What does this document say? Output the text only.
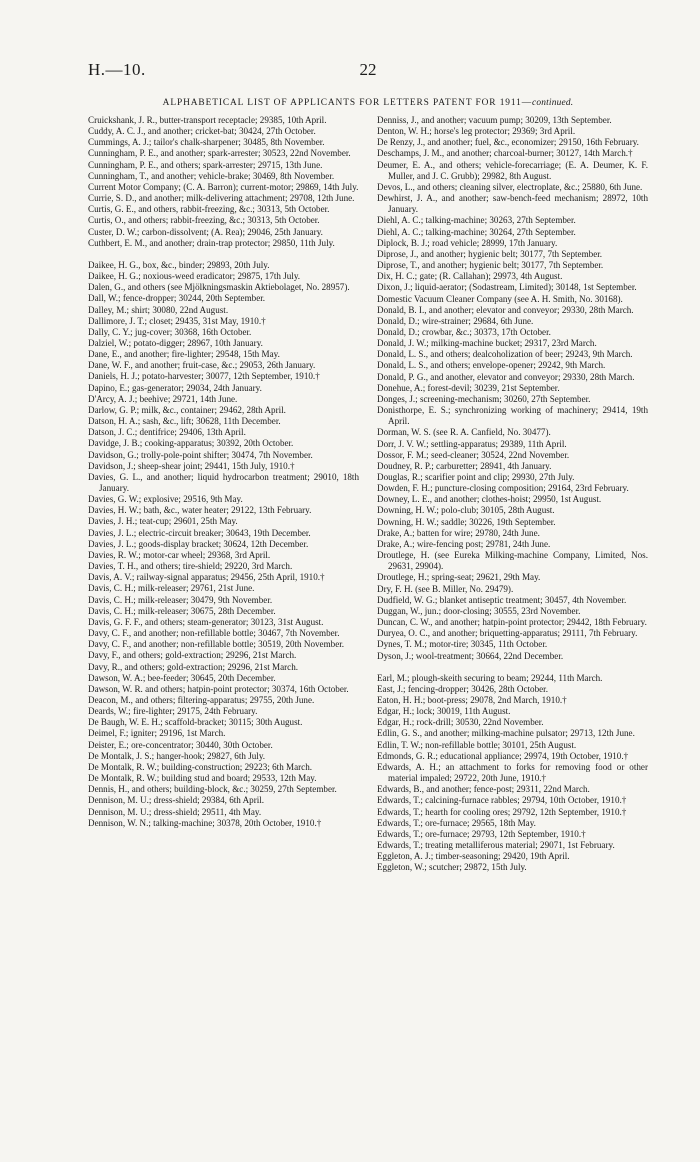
H.—10.	22
ALPHABETICAL LIST OF APPLICANTS FOR LETTERS PATENT FOR 1911—continued.
Cruickshank, J. R., butter-transport receptacle; 29385, 10th April.
Cuddy, A. C. J., and another; cricket-bat; 30424, 27th October.
Cummings, A. J.; tailor's chalk-sharpener; 30485, 8th November.
Cunningham, P. E., and another; spark-arrester; 30523, 22nd November.
Cunningham, P. E., and others; spark-arrester; 29715, 13th June.
Cunningham, T., and another; vehicle-brake; 30469, 8th November.
Current Motor Company; (C. A. Barron); current-motor; 29869, 14th July.
Currie, S. D., and another; milk-delivering attachment; 29708, 12th June.
Curtis, G. E., and others, rabbit-freezing, &c.; 30313, 5th October.
Curtis, O., and others; rabbit-freezing, &c.; 30313, 5th October.
Custer, D. W.; carbon-dissolvent; (A. Rea); 29046, 25th January.
Cuthbert, E. M., and another; drain-trap protector; 29850, 11th July.
Daikee, H. G., box, &c., binder; 29893, 20th July.
Daikee, H. G.; noxious-weed eradicator; 29875, 17th July.
Dalen, G., and others (see Mjölkningsmaskin Aktiebolaget, No. 28957).
Dall, W.; fence-dropper; 30244, 20th September.
Dalley, M.; shirt; 30080, 22nd August.
Dallimore, J. T.; closet; 29435, 31st May, 1910.†
Dally, C. Y.; jug-cover; 30368, 16th October.
Dalziel, W.; potato-digger; 28967, 10th January.
Dane, E., and another; fire-lighter; 29548, 15th May.
Dane, W. F., and another; fruit-case, &c.; 29053, 26th January.
Daniels, H. J.; potato-harvester; 30077, 12th September, 1910.†
Dapino, E.; gas-generator; 29034, 24th January.
D'Arcy, A. J.; beehive; 29721, 14th June.
Darlow, G. P.; milk, &c., container; 29462, 28th April.
Datson, H. A.; sash, &c., lift; 30628, 11th December.
Datson, J. C.; dentifrice; 29406, 13th April.
Davidge, J. B.; cooking-apparatus; 30392, 20th October.
Davidson, G.; trolly-pole-point shifter; 30474, 7th November.
Davidson, J.; sheep-shear joint; 29441, 15th July, 1910.†
Davies, G. L., and another; liquid hydrocarbon treatment; 29010, 18th January.
Davies, G. W.; explosive; 29516, 9th May.
Davies, H. W.; bath, &c., water heater; 29122, 13th February.
Davies, J. H.; teat-cup; 29601, 25th May.
Davies, J. L.; electric-circuit breaker; 30643, 19th December.
Davies, J. L.; goods-display bracket; 30624, 12th December.
Davies, R. W.; motor-car wheel; 29368, 3rd April.
Davies, T. H., and others; tire-shield; 29220, 3rd March.
Davis, A. V.; railway-signal apparatus; 29456, 25th April, 1910.†
Davis, C. H.; milk-releaser; 29761, 21st June.
Davis, C. H.; milk-releaser; 30479, 9th November.
Davis, C. H.; milk-releaser; 30675, 28th December.
Davis, G. F. F., and others; steam-generator; 30123, 31st August.
Davy, C. F., and another; non-refillable bottle; 30467, 7th November.
Davy, C. F., and another; non-refillable bottle; 30519, 20th November.
Davy, F., and others; gold-extraction; 29296, 21st March.
Davy, R., and others; gold-extraction; 29296, 21st March.
Dawson, W. A.; bee-feeder; 30645, 20th December.
Dawson, W. R. and others; hatpin-point protector; 30374, 16th October.
Deacon, M., and others; filtering-apparatus; 29755, 20th June.
Deards, W.; fire-lighter; 29175, 24th February.
De Baugh, W. E. H.; scaffold-bracket; 30115; 30th August.
Deimel, F.; igniter; 29196, 1st March.
Deister, E.; ore-concentrator; 30440, 30th October.
De Montalk, J. S.; hanger-hook; 29827, 6th July.
De Montalk, R. W.; building-construction; 29223; 6th March.
De Montalk, R. W.; building stud and board; 29533, 12th May.
Dennis, H., and others; building-block, &c.; 30259, 27th September.
Dennison, M. U.; dress-shield; 29384, 6th April.
Dennison, M. U.; dress-shield; 29511, 4th May.
Dennison, W. N.; talking-machine; 30378, 20th October, 1910.†
Denniss, J., and another; vacuum pump; 30209, 13th September.
Denton, W. H.; horse's leg protector; 29369; 3rd April.
De Renzy, J., and another; fuel, &c., economizer; 29150, 16th February.
Deschamps, J. M., and another; charcoal-burner; 30127, 14th March.†
Deumer, E. A., and others; vehicle-forecarriage; (E. A. Deumer, K. F. Muller, and J. C. Grubb); 29982, 8th August.
Devos, L., and others; cleaning silver, electroplate, &c.; 25880, 6th June.
Dewhirst, J. A., and another; saw-bench-feed mechanism; 28972, 10th January.
Diehl, A. C.; talking-machine; 30263, 27th September.
Diehl, A. C.; talking-machine; 30264, 27th September.
Diplock, B. J.; road vehicle; 28999, 17th January.
Diprose, J., and another; hygienic belt; 30177, 7th September.
Diprose, T., and another; hygienic belt; 30177, 7th September.
Dix, H. C.; gate; (R. Callahan); 29973, 4th August.
Dixon, J.; liquid-aerator; (Sodastream, Limited); 30148, 1st September.
Domestic Vacuum Cleaner Company (see A. H. Smith, No. 30168).
Donald, B. I., and another; elevator and conveyor; 29330, 28th March.
Donald, D.; wire-strainer; 29684, 6th June.
Donald, D.; crowbar, &c.; 30373, 17th October.
Donald, J. W.; milking-machine bucket; 29317, 23rd March.
Donald, L. S., and others; dealcoholization of beer; 29243, 9th March.
Donald, L. S., and others; envelope-opener; 29242, 9th March.
Donald, P. G., and another, elevator and conveyor; 29330, 28th March.
Donehue, A.; forest-devil; 30239, 21st September.
Donges, J.; screening-mechanism; 30260, 27th September.
Donisthorpe, E. S.; synchronizing working of machinery; 29414, 19th April.
Dorman, W. S. (see R. A. Canfield, No. 30477).
Dorr, J. V. W.; settling-apparatus; 29389, 11th April.
Dossor, F. M.; seed-cleaner; 30524, 22nd November.
Doudney, R. P.; carburetter; 28941, 4th January.
Douglas, R.; scarifier point and clip; 29930, 27th July.
Dowden, F. H.; puncture-closing composition; 29164, 23rd February.
Downey, L. E., and another; clothes-hoist; 29950, 1st August.
Downing, H. W.; polo-club; 30105, 28th August.
Downing, H. W.; saddle; 30226, 19th September.
Drake, A.; batten for wire; 29780, 24th June.
Drake, A.; wire-fencing post; 29781, 24th June.
Droutlege, H. (see Eureka Milking-machine Company, Limited, Nos. 29631, 29904).
Droutlege, H.; spring-seat; 29621, 29th May.
Dry, F. H. (see B. Miller, No. 29479).
Dudfield, W. G.; blanket antiseptic treatment; 30457, 4th November.
Duggan, W., jun.; door-closing; 30555, 23rd November.
Duncan, C. W., and another; hatpin-point protector; 29442, 18th February.
Duryea, O. C., and another; briquetting-apparatus; 29111, 7th February.
Dynes, T. M.; motor-tire; 30345, 11th October.
Dyson, J.; wool-treatment; 30664, 22nd December.
Earl, M.; plough-skeith securing to beam; 29244, 11th March.
East, J.; fencing-dropper; 30426, 28th October.
Eaton, H. H.; boot-press; 29078, 2nd March, 1910.†
Edgar, H.; lock; 30019, 11th August.
Edgar, H.; rock-drill; 30530, 22nd November.
Edlin, G. S., and another; milking-machine pulsator; 29713, 12th June.
Edlin, T. W.; non-refillable bottle; 30101, 25th August.
Edmonds, G. R.; educational appliance; 29974, 19th October, 1910.†
Edwards, A. H.; an attachment to forks for removing food or other material impaled; 29722, 20th June, 1910.†
Edwards, B., and another; fence-post; 29311, 22nd March.
Edwards, T.; calcining-furnace rabbles; 29794, 10th October, 1910.†
Edwards, T.; hearth for cooling ores; 29792, 12th September, 1910.†
Edwards, T.; ore-furnace; 29565, 18th May.
Edwards, T.; ore-furnace; 29793, 12th September, 1910.†
Edwards, T.; treating metalliferous material; 29071, 1st February.
Eggleton, A. J.; timber-seasoning; 29420, 19th April.
Eggleton, W.; scutcher; 29872, 15th July.
